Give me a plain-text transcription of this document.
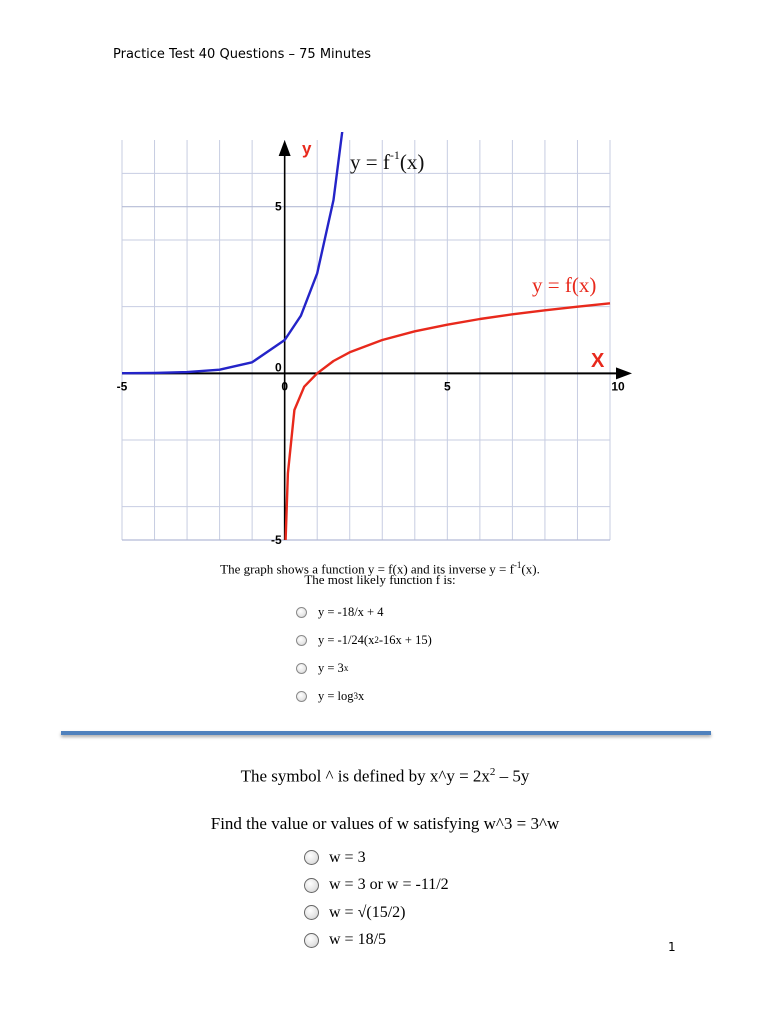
Practice Test 40 Questions – 75 Minutes
-5	0	5	10
5
0
-5
X
y
$y = f^{-1}(x)$
y = f(x)
The graph shows a function y = f(x) and its inverse $y = f^{-1}(x)$.
The most likely function f is:
y = -18/x + 4
y = -1/24(x 2 -16x + 15)
y = 3 x
y = log 3 x
The symbol ^ is defined by x^y = $2x^2 - 5y$
Find the value or values of w satisfying w^3 = 3^w
w = 3
w = 3 or w = -11/2
w = √(15/2)
w = 18/5	1
